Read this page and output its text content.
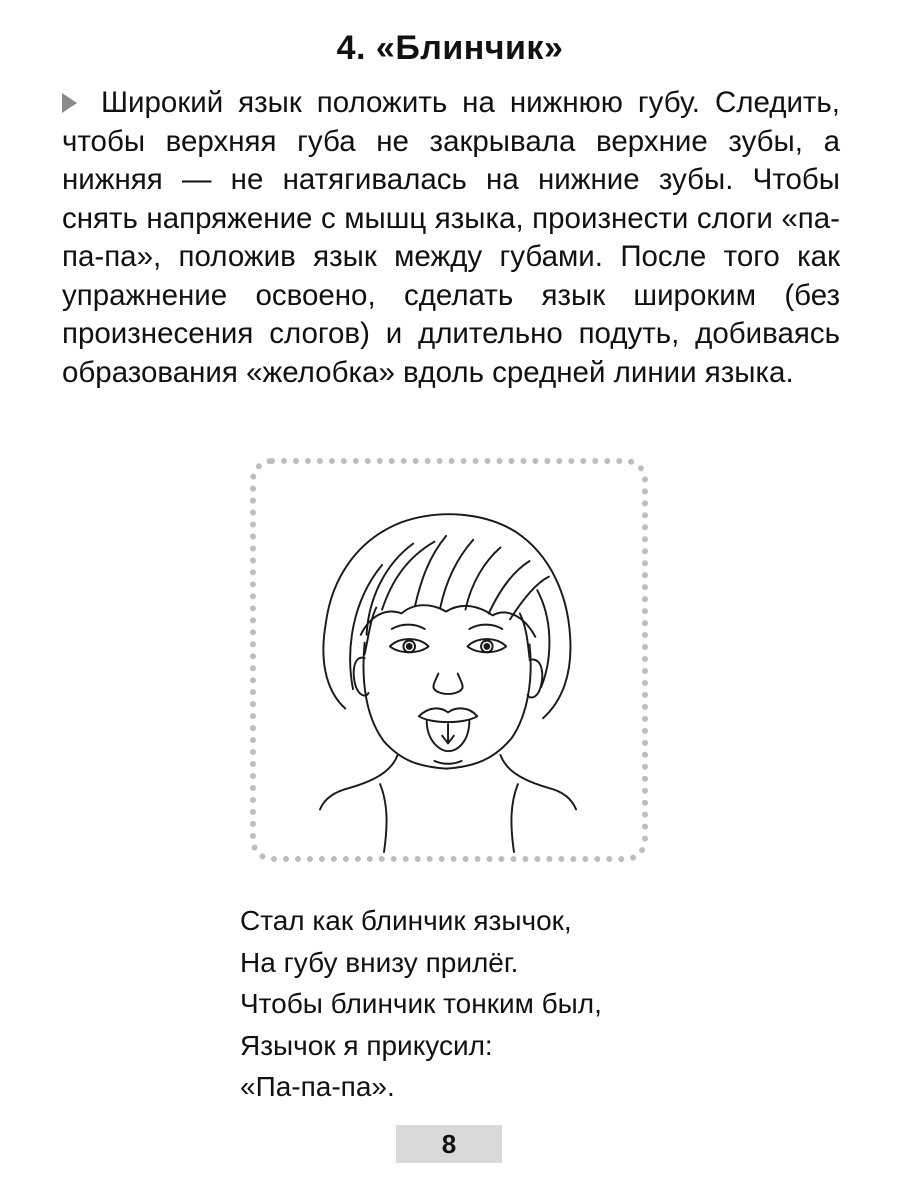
4. «Блинчик»

Широкий язык положить на нижнюю губу. Следить, чтобы верхняя губа не закрывала верхние зубы, а нижняя — не натягивалась на нижние зубы. Чтобы снять напряжение с мышц языка, произнести слоги «па-па-па», положив язык между губами. После того как упражнение освоено, сделать язык широким (без произнесения слогов) и длительно подуть, добиваясь образования «желобка» вдоль средней линии языка.

Стал как блинчик язычок,
На губу внизу прилёг.
Чтобы блинчик тонким был,
Язычок я прикусил:
«Па-па-па».
8
